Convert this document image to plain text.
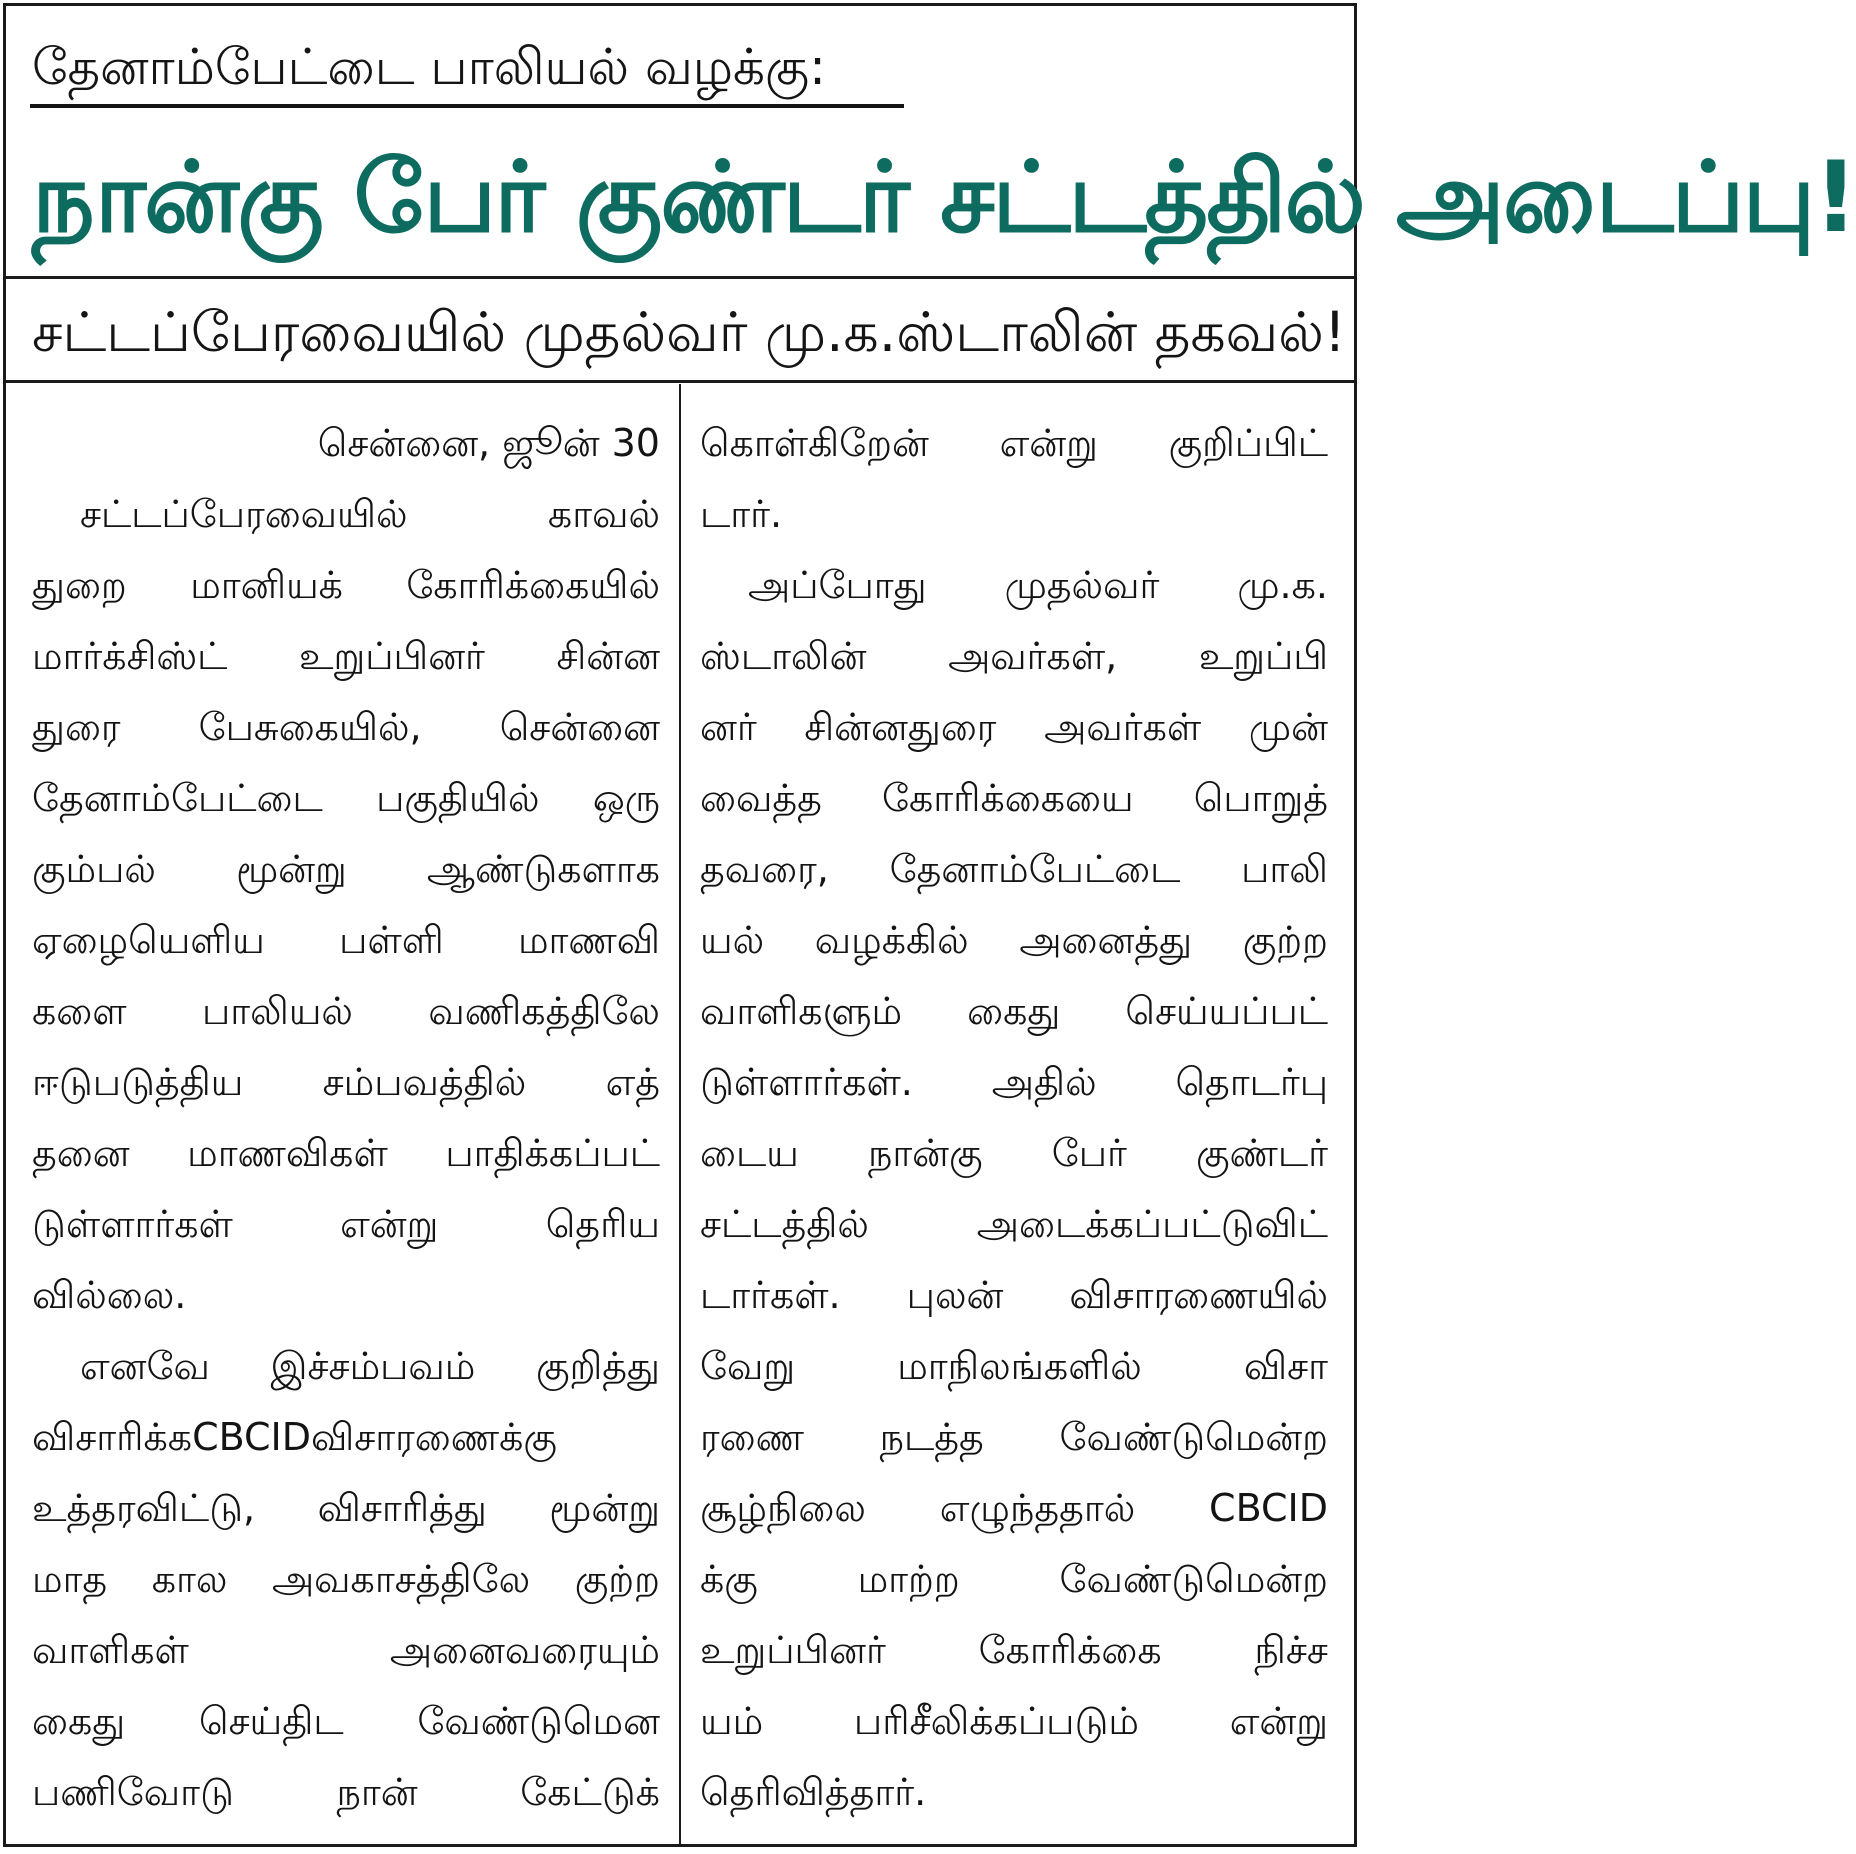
தேனாம்பேட்டை பாலியல் வழக்கு:
நான்கு பேர் குண்டர் சட்டத்தில் அடைப்பு!
சட்டப்பேரவையில் முதல்வர் மு.க.ஸ்டாலின் தகவல்!
சென்னை, ஜூன் 30
சட்டப்பேரவையில்	காவல்
துறை மானியக் கோரிக்கையில்
மார்க்சிஸ்ட் உறுப்பினர் சின்ன
துரை பேசுகையில், சென்னை
தேனாம்பேட்டை பகுதியில் ஒரு
கும்பல் மூன்று ஆண்டுகளாக
ஏழையெளிய பள்ளி மாணவி
களை பாலியல் வணிகத்திலே
ஈடுபடுத்திய சம்பவத்தில் எத்
தனை மாணவிகள் பாதிக்கப்பட்
டுள்ளார்கள்	என்று	தெரிய
வில்லை.
எனவே இச்சம்பவம் குறித்து
விசாரிக்கCBCIDவிசாரணைக்கு
உத்தரவிட்டு, விசாரித்து மூன்று
மாத கால அவகாசத்திலே குற்ற
வாளிகள்	அனைவரையும்
கைது செய்திட வேண்டுமென
பணிவோடு	நான்	கேட்டுக்
கொள்கிறேன் என்று குறிப்பிட்
டார்.
அப்போது முதல்வர் மு.க.
ஸ்டாலின் அவர்கள், உறுப்பி
னர் சின்னதுரை அவர்கள் முன்
வைத்த கோரிக்கையை பொறுத்
தவரை, தேனாம்பேட்டை பாலி
யல் வழக்கில் அனைத்து குற்ற
வாளிகளும் கைது செய்யப்பட்
டுள்ளார்கள். அதில் தொடர்பு
டைய நான்கு பேர் குண்டர்
சட்டத்தில்	அடைக்கப்பட்டுவிட்
டார்கள். புலன் விசாரணையில்
வேறு	மாநிலங்களில்	விசா
ரணை நடத்த வேண்டுமென்ற
சூழ்நிலை எழுந்ததால் CBCID
க்கு	மாற்ற	வேண்டுமென்ற
உறுப்பினர் கோரிக்கை நிச்ச
யம் பரிசீலிக்கப்படும் என்று
தெரிவித்தார்.
